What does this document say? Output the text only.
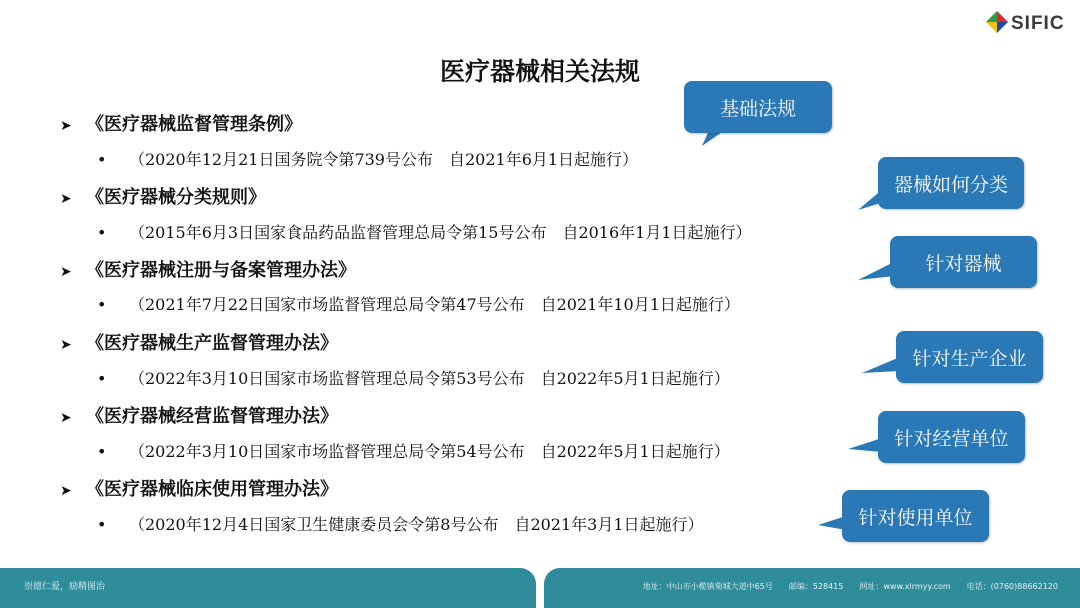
SIFIC
医疗器械相关法规
➤ 《医疗器械监督管理条例》
• （2020年12月21日国务院令第739号公布　自2021年6月1日起施行）
➤ 《医疗器械分类规则》
• （2015年6月3日国家食品药品监督管理总局令第15号公布　自2016年1月1日起施行）
➤ 《医疗器械注册与备案管理办法》
• （2021年7月22日国家市场监督管理总局令第47号公布　自2021年10月1日起施行）
➤ 《医疗器械生产监督管理办法》
• （2022年3月10日国家市场监督管理总局令第53号公布　自2022年5月1日起施行）
➤ 《医疗器械经营监督管理办法》
• （2022年3月10日国家市场监督管理总局令第54号公布　自2022年5月1日起施行）
➤ 《医疗器械临床使用管理办法》
• （2020年12月4日国家卫生健康委员会令第8号公布　自2021年3月1日起施行）
基础法规
器械如何分类
针对器械
针对生产企业
针对经营单位
针对使用单位
崇德仁爱，励精图治	地址：中山市小榄镇菊城大道中65号 邮编：528415 网址：www.xlrmyy.com 电话：(0760)88662120
